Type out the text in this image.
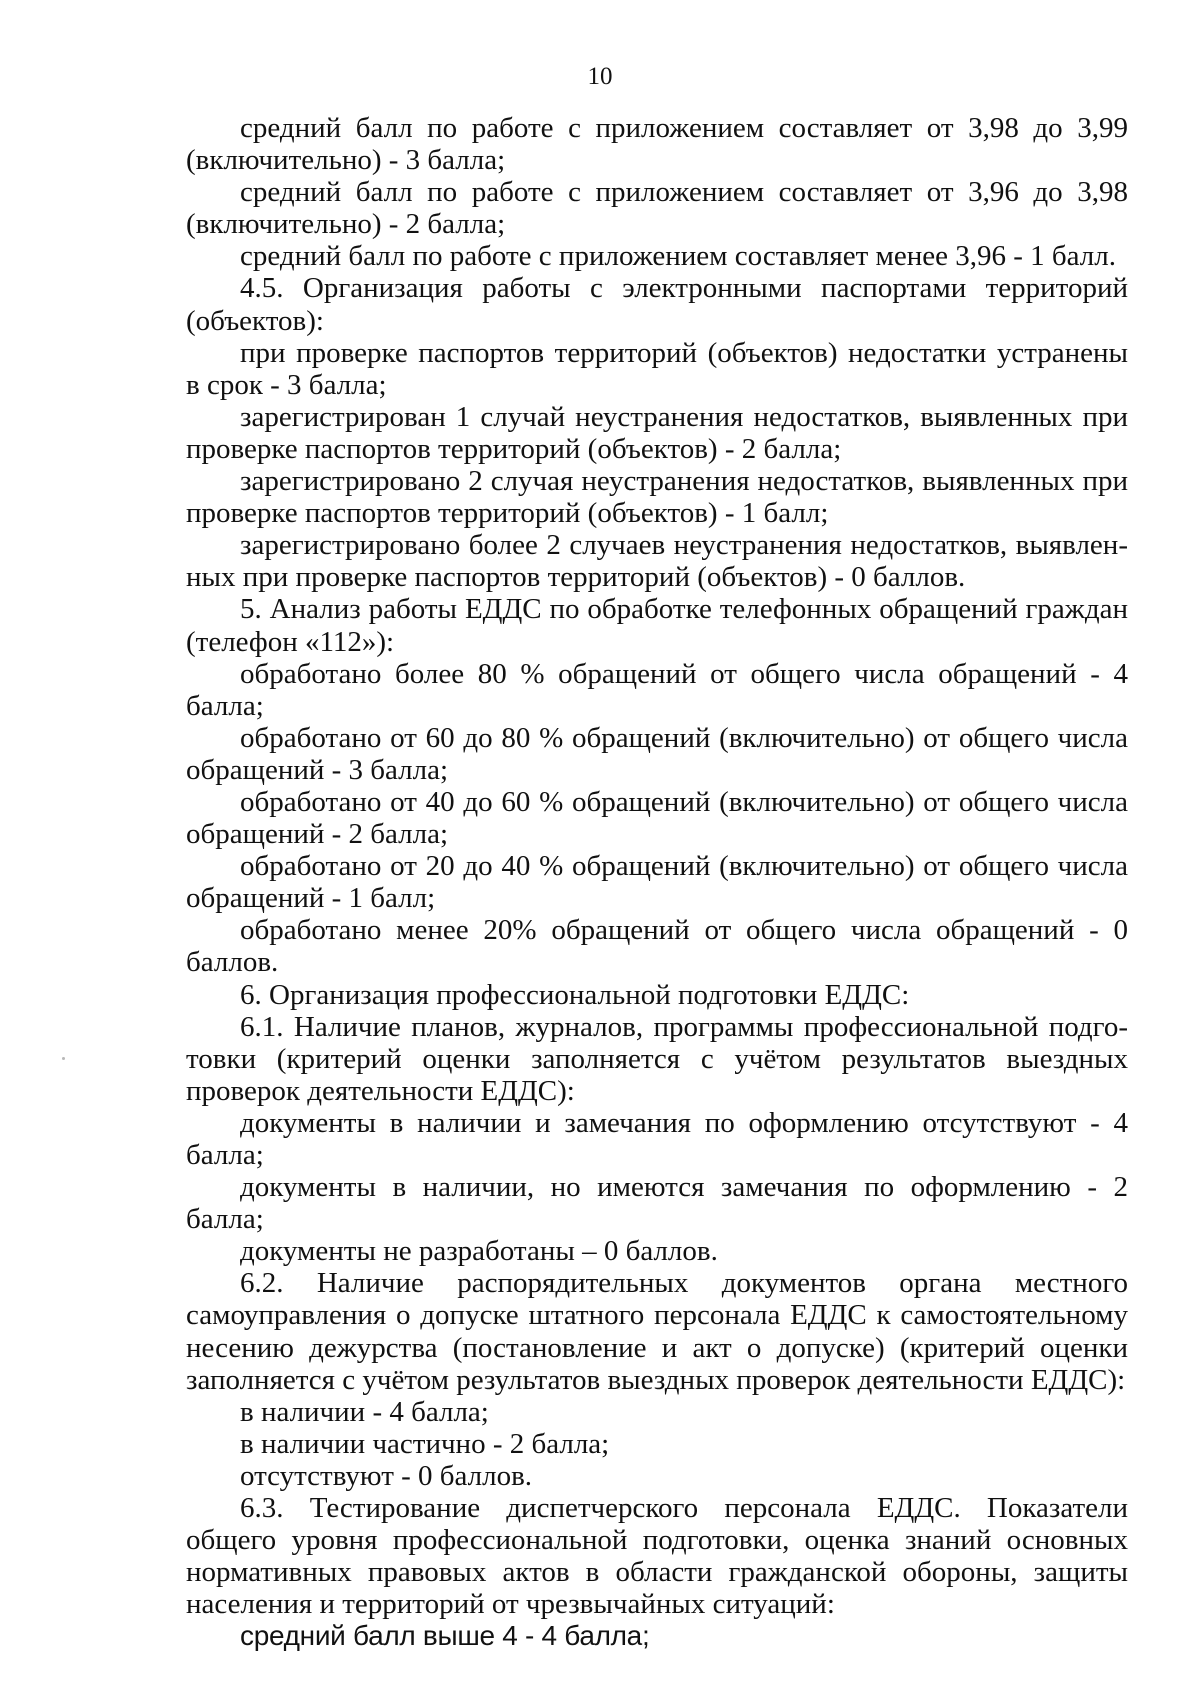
10

средний балл по работе с приложением составляет от 3,98 до 3,99 (включительно) - 3 балла;

средний балл по работе с приложением составляет от 3,96 до 3,98 (включительно) - 2 балла;

средний балл по работе с приложением составляет менее 3,96 - 1 балл.

4.5. Организация работы с электронными паспортами территорий (объектов):

при проверке паспортов территорий (объектов) недостатки устранены в срок - 3 балла;

зарегистрирован 1 случай неустранения недостатков, выявленных при проверке паспортов территорий (объектов) - 2 балла;

зарегистрировано 2 случая неустранения недостатков, выявленных при проверке паспортов территорий (объектов) - 1 балл;

зарегистрировано более 2 случаев неустранения недостатков, выявленных при проверке паспортов территорий (объектов) - 0 баллов.

5. Анализ работы ЕДДС по обработке телефонных обращений граждан (телефон «112»):

обработано более 80 % обращений от общего числа обращений - 4 балла;

обработано от 60 до 80 % обращений (включительно) от общего числа обращений - 3 балла;

обработано от 40 до 60 % обращений (включительно) от общего числа обращений - 2 балла;

обработано от 20 до 40 % обращений (включительно) от общего числа обращений - 1 балл;

обработано менее 20% обращений от общего числа обращений - 0 баллов.

6. Организация профессиональной подготовки ЕДДС:

6.1. Наличие планов, журналов, программы профессиональной подготовки (критерий оценки заполняется с учётом результатов выездных проверок деятельности ЕДДС):

документы в наличии и замечания по оформлению отсутствуют - 4 балла;

документы в наличии, но имеются замечания по оформлению - 2 балла;

документы не разработаны – 0 баллов.

6.2. Наличие распорядительных документов органа местного самоуправления о допуске штатного персонала ЕДДС к самостоятельному несению дежурства (постановление и акт о допуске) (критерий оценки заполняется с учётом результатов выездных проверок деятельности ЕДДС):

в наличии - 4 балла;

в наличии частично - 2 балла;

отсутствуют - 0 баллов.

6.3. Тестирование диспетчерского персонала ЕДДС. Показатели общего уровня профессиональной подготовки, оценка знаний основных нормативных правовых актов в области гражданской обороны, защиты населения и территорий от чрезвычайных ситуаций:

средний балл выше 4 - 4 балла;
